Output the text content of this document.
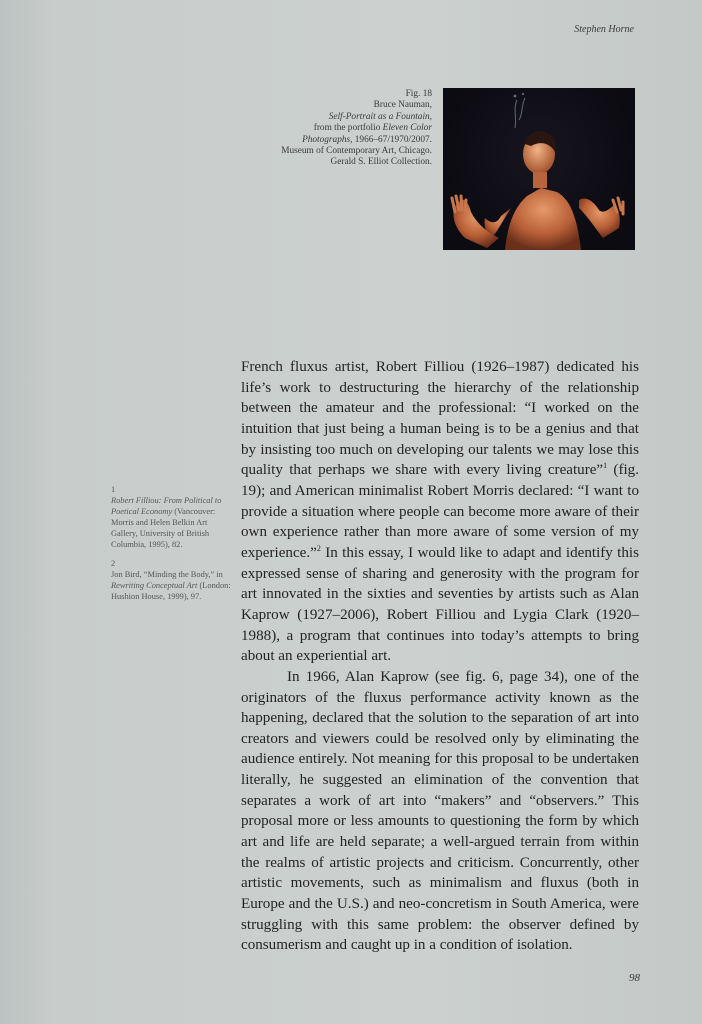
Stephen Horne

Fig. 18

Bruce Nauman,

Self-Portrait as a Fountain,

from the portfolio Eleven Color

Photographs, 1966–67/1970/2007.

Museum of Contemporary Art, Chicago.

Gerald S. Elliot Collection.

1
Robert Filliou: From Political to Poetical Economy (Vancouver: Morris and Helen Belkin Art Gallery, University of British Columbia, 1995), 82.
2
Jon Bird, “Minding the Body,” in Rewriting Conceptual Art (London: Hushion House, 1999), 97.

French fluxus artist, Robert Filliou (1926–1987) dedicated his life’s work to destructuring the hierarchy of the relationship between the amateur and the professional: “I worked on the intuition that just being a human being is to be a genius and that by insisting too much on developing our talents we may lose this quality that perhaps we share with every living creature”$^1$ (fig. 19); and American minimalist Robert Morris declared: “I want to provide a situation where people can become more aware of their own experience rather than more aware of some version of my experience.”$^2$ In this essay, I would like to adapt and identify this expressed sense of sharing and generosity with the program for art innovated in the sixties and seventies by artists such as Alan Kaprow (1927–2006), Robert Filliou and Lygia Clark (1920–1988), a program that continues into today’s attempts to bring about an experiential art.

In 1966, Alan Kaprow (see fig. 6, page 34), one of the originators of the fluxus performance activity known as the happening, declared that the solution to the separation of art into creators and viewers could be resolved only by eliminating the audience entirely. Not meaning for this proposal to be undertaken literally, he suggested an elimination of the convention that separates a work of art into “makers” and “observers.” This proposal more or less amounts to questioning the form by which art and life are held separate; a well-argued terrain from within the realms of artistic projects and criticism. Concurrently, other artistic movements, such as minimalism and fluxus (both in Europe and the U.S.) and neo-concretism in South America, were struggling with this same problem: the observer defined by consumerism and caught up in a condition of isolation.

98
